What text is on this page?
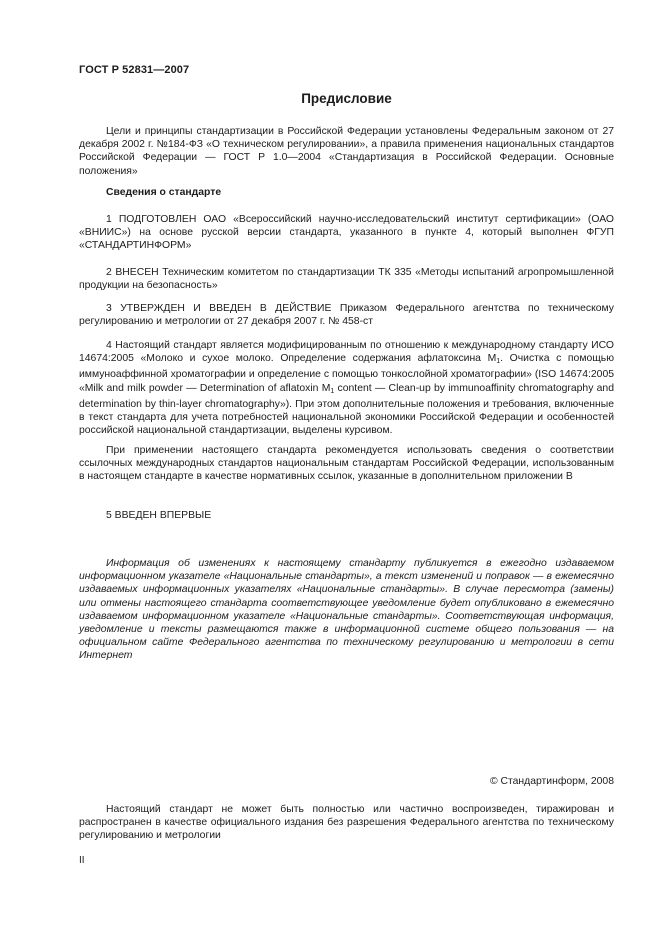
ГОСТ Р 52831—2007
Предисловие

Цели и принципы стандартизации в Российской Федерации установлены Федеральным законом от 27 декабря 2002 г. №184-ФЗ «О техническом регулировании», а правила применения национальных стандартов Российской Федерации — ГОСТ Р 1.0—2004 «Стандартизация в Российской Федерации. Основные положения»

Сведения о стандарте

1 ПОДГОТОВЛЕН ОАО «Всероссийский научно-исследовательский институт сертификации» (ОАО «ВНИИС») на основе русской версии стандарта, указанного в пункте 4, который выполнен ФГУП «СТАНДАРТИНФОРМ»

2 ВНЕСЕН Техническим комитетом по стандартизации ТК 335 «Методы испытаний агропромышленной продукции на безопасность»

3 УТВЕРЖДЕН И ВВЕДЕН В ДЕЙСТВИЕ Приказом Федерального агентства по техническому регулированию и метрологии от 27 декабря 2007 г. № 458-ст

4 Настоящий стандарт является модифицированным по отношению к международному стандарту ИСО 14674:2005 «Молоко и сухое молоко. Определение содержания афлатоксина $M_1$. Очистка с помощью иммуноаффинной хроматографии и определение с помощью тонкослойной хроматографии» (ISO 14674:2005 «Milk and milk powder — Determination of aflatoxin $M_1$ content — Clean-up by immunoaffinity chromatography and determination by thin-layer chromatography»). При этом дополнительные положения и требования, включенные в текст стандарта для учета потребностей национальной экономики Российской Федерации и особенностей российской национальной стандартизации, выделены курсивом.

При применении настоящего стандарта рекомендуется использовать сведения о соответствии ссылочных международных стандартов национальным стандартам Российской Федерации, использованным в настоящем стандарте в качестве нормативных ссылок, указанные в дополнительном приложении В

5 ВВЕДЕН ВПЕРВЫЕ

Информация об изменениях к настоящему стандарту публикуется в ежегодно издаваемом информационном указателе «Национальные стандарты», а текст изменений и поправок — в ежемесячно издаваемых информационных указателях «Национальные стандарты». В случае пересмотра (замены) или отмены настоящего стандарта соответствующее уведомление будет опубликовано в ежемесячно издаваемом информационном указателе «Национальные стандарты». Соответствующая информация, уведомление и тексты размещаются также в информационной системе общего пользования — на официальном сайте Федерального агентства по техническому регулированию и метрологии в сети Интернет

© Стандартинформ, 2008

Настоящий стандарт не может быть полностью или частично воспроизведен, тиражирован и распространен в качестве официального издания без разрешения Федерального агентства по техническому регулированию и метрологии

II
